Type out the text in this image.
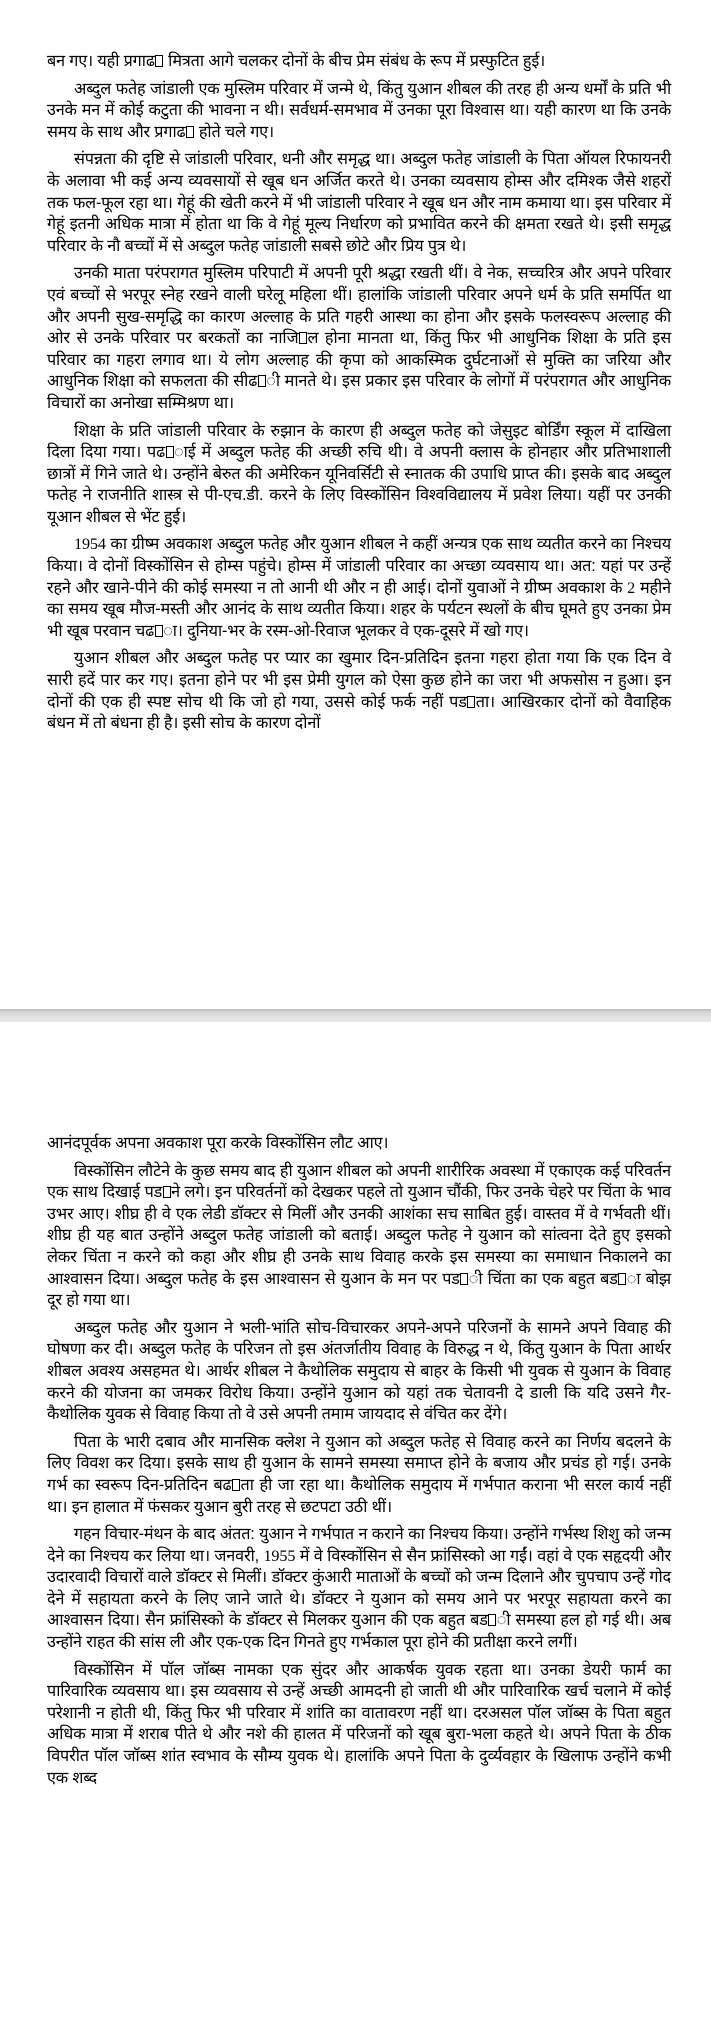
बन गए। यही प्रगाढ मित्रता आगे चलकर दोनों के बीच प्रेम संबंध के रूप में प्रस्फुटित हुई।

अब्दुल फतेह जांडाली एक मुस्लिम परिवार में जन्मे थे, किंतु युआन शीबल की तरह ही अन्य धर्मों के प्रति भी उनके मन में कोई कटुता की भावना न थी। सर्वधर्म-समभाव में उनका पूरा विश्वास था। यही कारण था कि उनके समय के साथ और प्रगाढ होते चले गए।

संपन्नता की दृष्टि से जांडाली परिवार, धनी और समृद्ध था। अब्दुल फतेह जांडाली के पिता ऑयल रिफायनरी के अलावा भी कई अन्य व्यवसायों से खूब धन अर्जित करते थे। उनका व्यवसाय होम्स और दमिश्क जैसे शहरों तक फल-फूल रहा था। गेहूं की खेती करने में भी जांडाली परिवार ने खूब धन और नाम कमाया था। इस परिवार में गेहूं इतनी अधिक मात्रा में होता था कि वे गेहूं मूल्य निर्धारण को प्रभावित करने की क्षमता रखते थे। इसी समृद्ध परिवार के नौ बच्चों में से अब्दुल फतेह जांडाली सबसे छोटे और प्रिय पुत्र थे।

उनकी माता परंपरागत मुस्लिम परिपाटी में अपनी पूरी श्रद्धा रखती थीं। वे नेक, सच्चरित्र और अपने परिवार एवं बच्चों से भरपूर स्नेह रखने वाली घरेलू महिला थीं। हालांकि जांडाली परिवार अपने धर्म के प्रति समर्पित था और अपनी सुख-समृद्धि का कारण अल्लाह के प्रति गहरी आस्था का होना और इसके फलस्वरूप अल्लाह की ओर से उनके परिवार पर बरकतों का नाजि ल होना मानता था, किंतु फिर भी आधुनिक शिक्षा के प्रति इस परिवार का गहरा लगाव था। ये लोग अल्लाह की कृपा को आकस्मिक दुर्घटनाओं से मुक्ति का जरिया और आधुनिक शिक्षा को सफलता की सीढ ी मानते थे। इस प्रकार इस परिवार के लोगों में परंपरागत और आधुनिक विचारों का अनोखा सम्मिश्रण था।

शिक्षा के प्रति जांडाली परिवार के रुझान के कारण ही अब्दुल फतेह को जेसुइट बोर्डिंग स्कूल में दाखिला दिला दिया गया। पढ ाई में अब्दुल फतेह की अच्छी रुचि थी। वे अपनी क्लास के होनहार और प्रतिभाशाली छात्रों में गिने जाते थे। उन्होंने बेरुत की अमेरिकन यूनिवर्सिटी से स्नातक की उपाधि प्राप्त की। इसके बाद अब्दुल फतेह ने राजनीति शास्त्र से पी-एच.डी. करने के लिए विस्कोंसिन विश्वविद्यालय में प्रवेश लिया। यहीं पर उनकी यूआन शीबल से भेंट हुई।

1954 का ग्रीष्म अवकाश अब्दुल फतेह और युआन शीबल ने कहीं अन्यत्र एक साथ व्यतीत करने का निश्चय किया। वे दोनों विस्कोंसिन से होम्स पहुंचे। होम्स में जांडाली परिवार का अच्छा व्यवसाय था। अत: यहां पर उन्हें रहने और खाने-पीने की कोई समस्या न तो आनी थी और न ही आई। दोनों युवाओं ने ग्रीष्म अवकाश के 2 महीने का समय खूब मौज-मस्ती और आनंद के साथ व्यतीत किया। शहर के पर्यटन स्थलों के बीच घूमते हुए उनका प्रेम भी खूब परवान चढ ा। दुनिया-भर के रस्म-ओ-रिवाज भूलकर वे एक-दूसरे में खो गए।

युआन शीबल और अब्दुल फतेह पर प्यार का खुमार दिन-प्रतिदिन इतना गहरा होता गया कि एक दिन वे सारी हदें पार कर गए। इतना होने पर भी इस प्रेमी युगल को ऐसा कुछ होने का जरा भी अफसोस न हुआ। इन दोनों की एक ही स्पष्ट सोच थी कि जो हो गया, उससे कोई फर्क नहीं पड ता। आखिरकार दोनों को वैवाहिक बंधन में तो बंधना ही है। इसी सोच के कारण दोनों

आनंदपूर्वक अपना अवकाश पूरा करके विस्कोंसिन लौट आए।

विस्कोंसिन लौटेने के कुछ समय बाद ही युआन शीबल को अपनी शारीरिक अवस्था में एकाएक कई परिवर्तन एक साथ दिखाई पड ने लगे। इन परिवर्तनों को देखकर पहले तो युआन चौंकी, फिर उनके चेहरे पर चिंता के भाव उभर आए। शीघ्र ही वे एक लेडी डॉक्टर से मिलीं और उनकी आशंका सच साबित हुई। वास्तव में वे गर्भवती थीं। शीघ्र ही यह बात उन्होंने अब्दुल फतेह जांडाली को बताई। अब्दुल फतेह ने युआन को सांत्वना देते हुए इसको लेकर चिंता न करने को कहा और शीघ्र ही उनके साथ विवाह करके इस समस्या का समाधान निकालने का आश्वासन दिया। अब्दुल फतेह के इस आश्वासन से युआन के मन पर पड ी चिंता का एक बहुत बड ा बोझ दूर हो गया था।

अब्दुल फतेह और युआन ने भली-भांति सोच-विचारकर अपने-अपने परिजनों के सामने अपने विवाह की घोषणा कर दी। अब्दुल फतेह के परिजन तो इस अंतर्जातीय विवाह के विरुद्ध न थे, किंतु युआन के पिता आर्थर शीबल अवश्य असहमत थे। आर्थर शीबल ने कैथोलिक समुदाय से बाहर के किसी भी युवक से युआन के विवाह करने की योजना का जमकर विरोध किया। उन्होंने युआन को यहां तक चेतावनी दे डाली कि यदि उसने गैर-कैथोलिक युवक से विवाह किया तो वे उसे अपनी तमाम जायदाद से वंचित कर देंगे।

पिता के भारी दबाव और मानसिक क्लेश ने युआन को अब्दुल फतेह से विवाह करने का निर्णय बदलने के लिए विवश कर दिया। इसके साथ ही युआन के सामने समस्या समाप्त होने के बजाय और प्रचंड हो गई। उनके गर्भ का स्वरूप दिन-प्रतिदिन बढ ता ही जा रहा था। कैथोलिक समुदाय में गर्भपात कराना भी सरल कार्य नहीं था। इन हालात में फंसकर युआन बुरी तरह से छटपटा उठी थीं।

गहन विचार-मंथन के बाद अंतत: युआन ने गर्भपात न कराने का निश्चय किया। उन्होंने गर्भस्थ शिशु को जन्म देने का निश्चय कर लिया था। जनवरी, 1955 में वे विस्कोंसिन से सैन फ्रांसिस्को आ गईं। वहां वे एक सहृदयी और उदारवादी विचारों वाले डॉक्टर से मिलीं। डॉक्टर कुंआरी माताओं के बच्चों को जन्म दिलाने और चुपचाप उन्हें गोद देने में सहायता करने के लिए जाने जाते थे। डॉक्टर ने युआन को समय आने पर भरपूर सहायता करने का आश्वासन दिया। सैन फ्रांसिस्को के डॉक्टर से मिलकर युआन की एक बहुत बड ी समस्या हल हो गई थी। अब उन्होंने राहत की सांस ली और एक-एक दिन गिनते हुए गर्भकाल पूरा होने की प्रतीक्षा करने लगीं।

विस्कोंसिन में पॉल जॉब्स नामका एक सुंदर और आकर्षक युवक रहता था। उनका डेयरी फार्म का पारिवारिक व्यवसाय था। इस व्यवसाय से उन्हें अच्छी आमदनी हो जाती थी और पारिवारिक खर्च चलाने में कोई परेशानी न होती थी, किंतु फिर भी परिवार में शांति का वातावरण नहीं था। दरअसल पॉल जॉब्स के पिता बहुत अधिक मात्रा में शराब पीते थे और नशे की हालत में परिजनों को खूब बुरा-भला कहते थे। अपने पिता के ठीक विपरीत पॉल जॉब्स शांत स्वभाव के सौम्य युवक थे। हालांकि अपने पिता के दुर्व्यवहार के खिलाफ उन्होंने कभी एक शब्द
